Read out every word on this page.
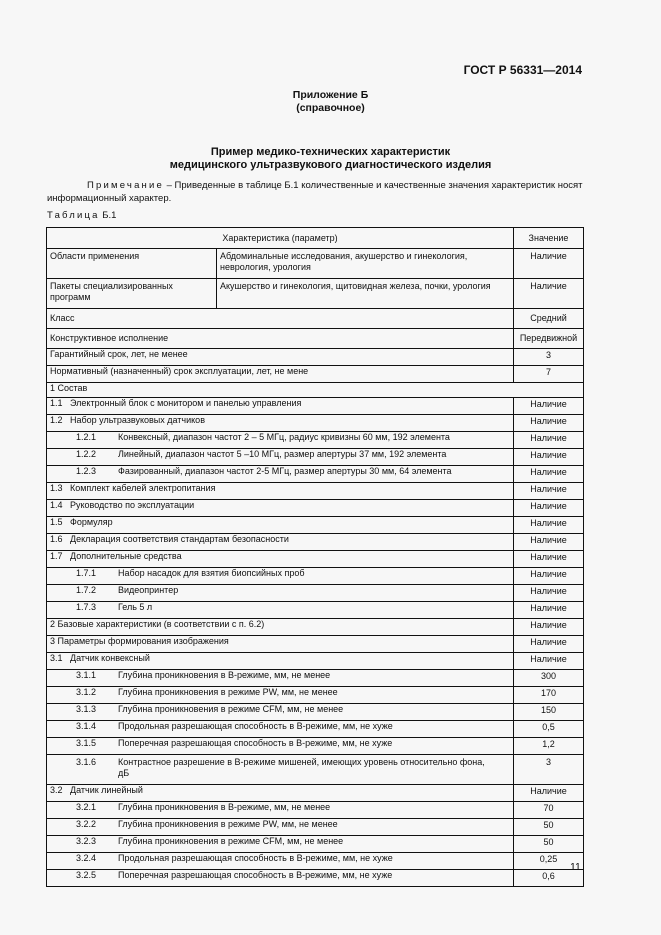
ГОСТ Р 56331—2014
Приложение Б
(справочное)
Пример медико-технических характеристик
медицинского ультразвукового диагностического изделия
Примечание – Приведенные в таблице Б.1 количественные и качественные значения характеристик носят информационный характер.
Таблица Б.1
Характеристика (параметр)		Значение
Области применения	Абдоминальные исследования, акушерство и гинекология, неврология, урология	Наличие
Пакеты специализированных программ	Акушерство и гинекология, щитовидная железа, почки, урология	Наличие
Класс		Средний
Конструктивное исполнение		Передвижной
Гарантийный срок, лет, не менее		3
Нормативный (назначенный) срок эксплуатации, лет, не мене		7
1 Состав		
1.1 Электронный блок с монитором и панелью управления		Наличие
1.2 Набор ультразвуковых датчиков		Наличие
1.2.1 Конвексный, диапазон частот 2 – 5 МГц, радиус кривизны 60 мм, 192 элемента		Наличие
1.2.2 Линейный, диапазон частот 5 –10 МГц, размер апертуры 37 мм, 192 элемента		Наличие
1.2.3 Фазированный, диапазон частот 2-5 МГц, размер апертуры 30 мм, 64 элемента		Наличие
1.3 Комплект кабелей электропитания		Наличие
1.4 Руководство по эксплуатации		Наличие
1.5 Формуляр		Наличие
1.6 Декларация соответствия стандартам безопасности		Наличие
1.7 Дополнительные средства		Наличие
1.7.1 Набор насадок для взятия биопсийных проб		Наличие
1.7.2 Видеопринтер		Наличие
1.7.3 Гель 5 л		Наличие
2 Базовые характеристики (в соответствии с п. 6.2)		Наличие
3 Параметры формирования изображения		Наличие
3.1 Датчик конвексный		Наличие
3.1.1 Глубина проникновения в В-режиме, мм, не менее		300
3.1.2 Глубина проникновения в режиме PW, мм, не менее		170
3.1.3 Глубина проникновения в режиме CFM, мм, не менее		150
3.1.4 Продольная разрешающая способность в В-режиме, мм, не хуже		0,5
3.1.5 Поперечная разрешающая способность в В-режиме, мм, не хуже		1,2
3.1.6 Контрастное разрешение в В-режиме мишеней, имеющих уровень относительно фона, дБ		3
3.2 Датчик линейный		Наличие
3.2.1 Глубина проникновения в В-режиме, мм, не менее		70
3.2.2 Глубина проникновения в режиме PW, мм, не менее		50
3.2.3 Глубина проникновения в режиме CFM, мм, не менее		50
3.2.4 Продольная разрешающая способность в В-режиме, мм, не хуже		0,25
3.2.5 Поперечная разрешающая способность в В-режиме, мм, не хуже		0,6
11
